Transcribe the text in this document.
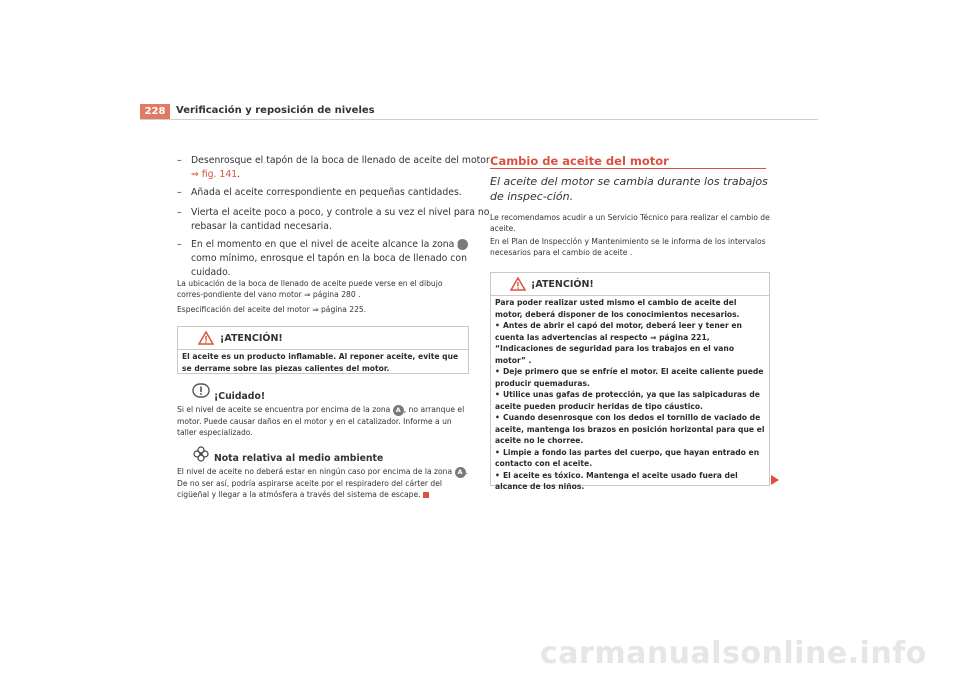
228	Verificación y reposición de niveles
– Desenrosque el tapón de la boca de llenado de aceite del motor
⇒ fig. 141.
– Añada el aceite correspondiente en pequeñas cantidades.
– Vierta el aceite poco a poco, y controle a su vez el nivel para no rebasar la cantidad necesaria.
– En el momento en que el nivel de aceite alcance la zona B como mínimo, enrosque el tapón en la boca de llenado con cuidado.
La ubicación de la boca de llenado de aceite puede verse en el dibujo corres-pondiente del vano motor ⇒ página 280 .
Especificación del aceite del motor ⇒ página 225.
¡ATENCIÓN!
El aceite es un producto inflamable. Al reponer aceite, evite que se derrame sobre las piezas calientes del motor.
¡Cuidado!
Si el nivel de aceite se encuentra por encima de la zona A , no arranque el motor. Puede causar daños en el motor y en el catalizador. Informe a un taller especializado.
Nota relativa al medio ambiente
El nivel de aceite no deberá estar en ningún caso por encima de la zona A . De no ser así, podría aspirarse aceite por el respiradero del cárter del cigüeñal y llegar a la atmósfera a través del sistema de escape.
Cambio de aceite del motor
El aceite del motor se cambia durante los trabajos de inspec-ción.
Le recomendamos acudir a un Servicio Técnico para realizar el cambio de aceite.
En el Plan de Inspección y Mantenimiento se le informa de los intervalos necesarios para el cambio de aceite .
¡ATENCIÓN!
Para poder realizar usted mismo el cambio de aceite del motor, deberá disponer de los conocimientos necesarios.
• Antes de abrir el capó del motor, deberá leer y tener en cuenta las advertencias al respecto ⇒ página 221, “Indicaciones de seguridad para los trabajos en el vano motor” .
• Deje primero que se enfríe el motor. El aceite caliente puede producir quemaduras.
• Utilice unas gafas de protección, ya que las salpicaduras de aceite pueden producir heridas de tipo cáustico.
• Cuando desenrosque con los dedos el tornillo de vaciado de aceite, mantenga los brazos en posición horizontal para que el aceite no le chorree.
• Limpie a fondo las partes del cuerpo, que hayan entrado en contacto con el aceite.
• El aceite es tóxico. Mantenga el aceite usado fuera del alcance de los niños.
carmanualsonline.info
